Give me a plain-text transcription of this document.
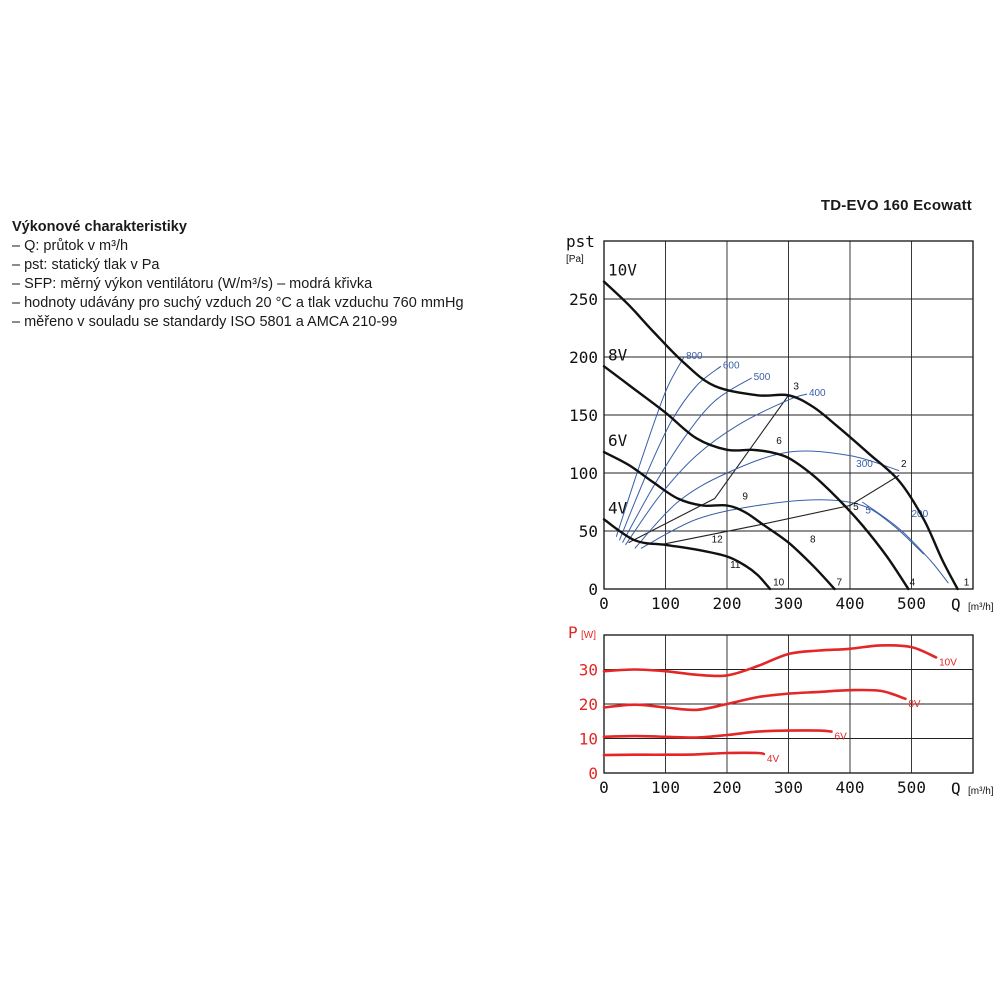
Výkonové charakteristiky
– Q: průtok v m³/h
– pst: statický tlak v Pa
– SFP: měrný výkon ventilátoru (W/m³/s) – modrá křivka
– hodnoty udávány pro suchý vzduch 20 °C a tlak vzduchu 760 mmHg
– měřeno v souladu se standardy ISO 5801 a AMCA 210-99
TD-EVO 160 Ecowatt
0	100 200 300 400 500
0
50
100
150
200
250
Q [m³/h]
pst
[Pa]
800
600
500
400
300
5	200
10V
8V
6V
4V
1
2
3
4
5
6
7
8
9
10
11
12
0	100 200 300 400 500
0
10
20
30
Q [m³/h]
P [W]
10V
8V
6V
4V
